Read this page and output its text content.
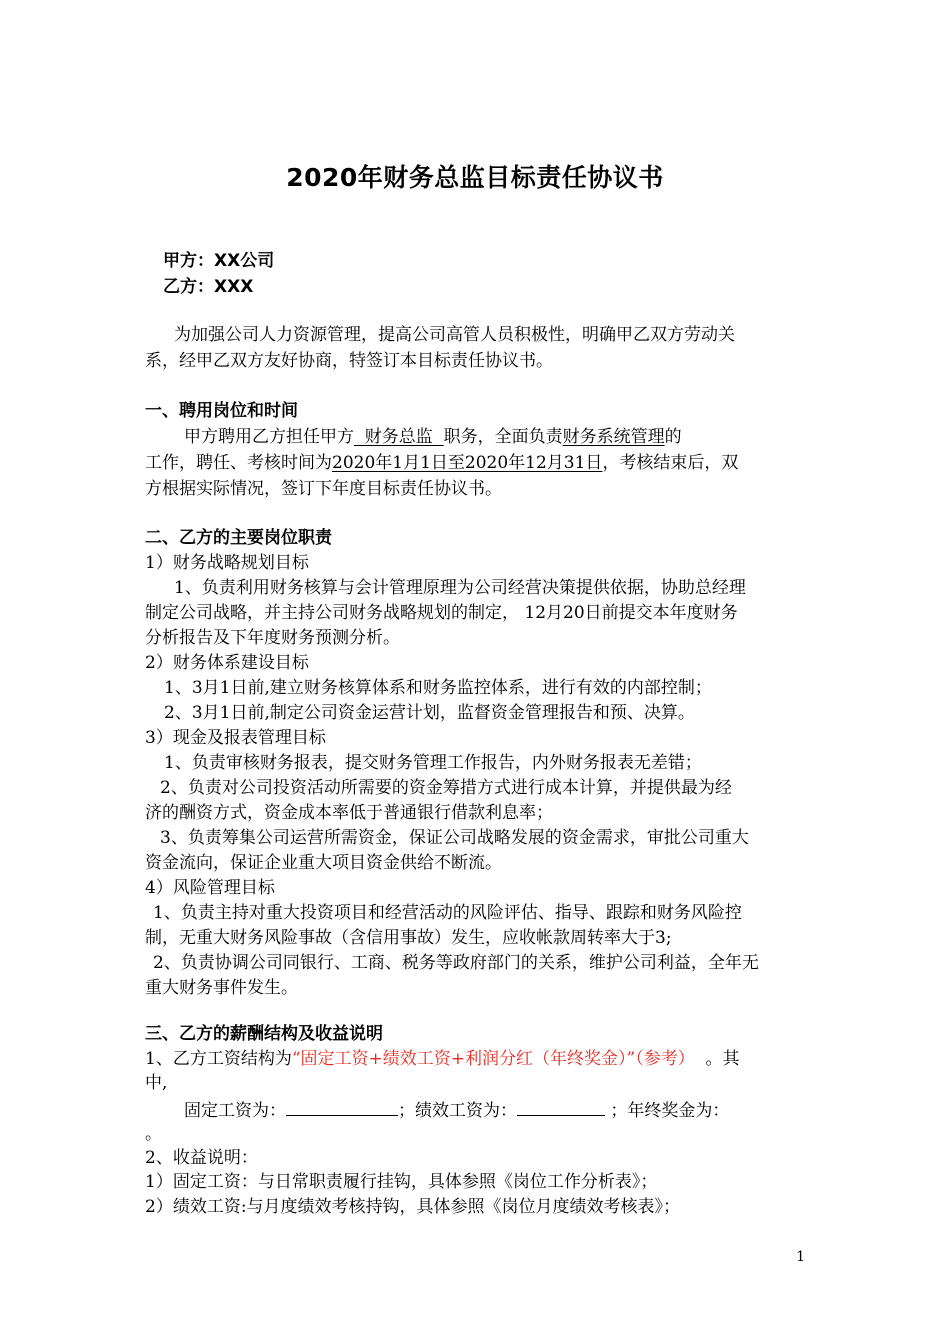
2020年财务总监目标责任协议书
甲方：XX公司
乙方：XXX
为加强公司人力资源管理，提高公司高管人员积极性，明确甲乙双方劳动关
系，经甲乙双方友好协商，特签订本目标责任协议书。
一、聘用岗位和时间
甲方聘用乙方担任甲方  财务总监  职务，全面负责财务系统管理的
工作，聘任、考核时间为2020年1月1日至2020年12月31日，考核结束后，双
方根据实际情况，签订下年度目标责任协议书。
二、乙方的主要岗位职责
1）财务战略规划目标
1、负责利用财务核算与会计管理原理为公司经营决策提供依据，协助总经理
制定公司战略，并主持公司财务战略规划的制定， 12月20日前提交本年度财务
分析报告及下年度财务预测分析。
2）财务体系建设目标
1、3月1日前,建立财务核算体系和财务监控体系，进行有效的内部控制；
2、3月1日前,制定公司资金运营计划，监督资金管理报告和预、决算。
3）现金及报表管理目标
1、负责审核财务报表，提交财务管理工作报告，内外财务报表无差错；
2、负责对公司投资活动所需要的资金筹措方式进行成本计算，并提供最为经
济的酬资方式，资金成本率低于普通银行借款利息率；
3、负责筹集公司运营所需资金，保证公司战略发展的资金需求，审批公司重大
资金流向，保证企业重大项目资金供给不断流。
4）风险管理目标
1、负责主持对重大投资项目和经营活动的风险评估、指导、跟踪和财务风险控
制，无重大财务风险事故（含信用事故）发生，应收帐款周转率大于3;
2、负责协调公司同银行、工商、税务等政府部门的关系，维护公司利益，全年无
重大财务事件发生。
三、乙方的薪酬结构及收益说明
1、乙方工资结构为“固定工资+绩效工资+利润分红（年终奖金）”（参考）  。其
中,
固定工资为：	；绩效工资为：	；年终奖金为：
。
2、收益说明：
1）固定工资：与日常职责履行挂钩，具体参照《岗位工作分析表》；
2）绩效工资:与月度绩效考核持钩，具体参照《岗位月度绩效考核表》；
1
